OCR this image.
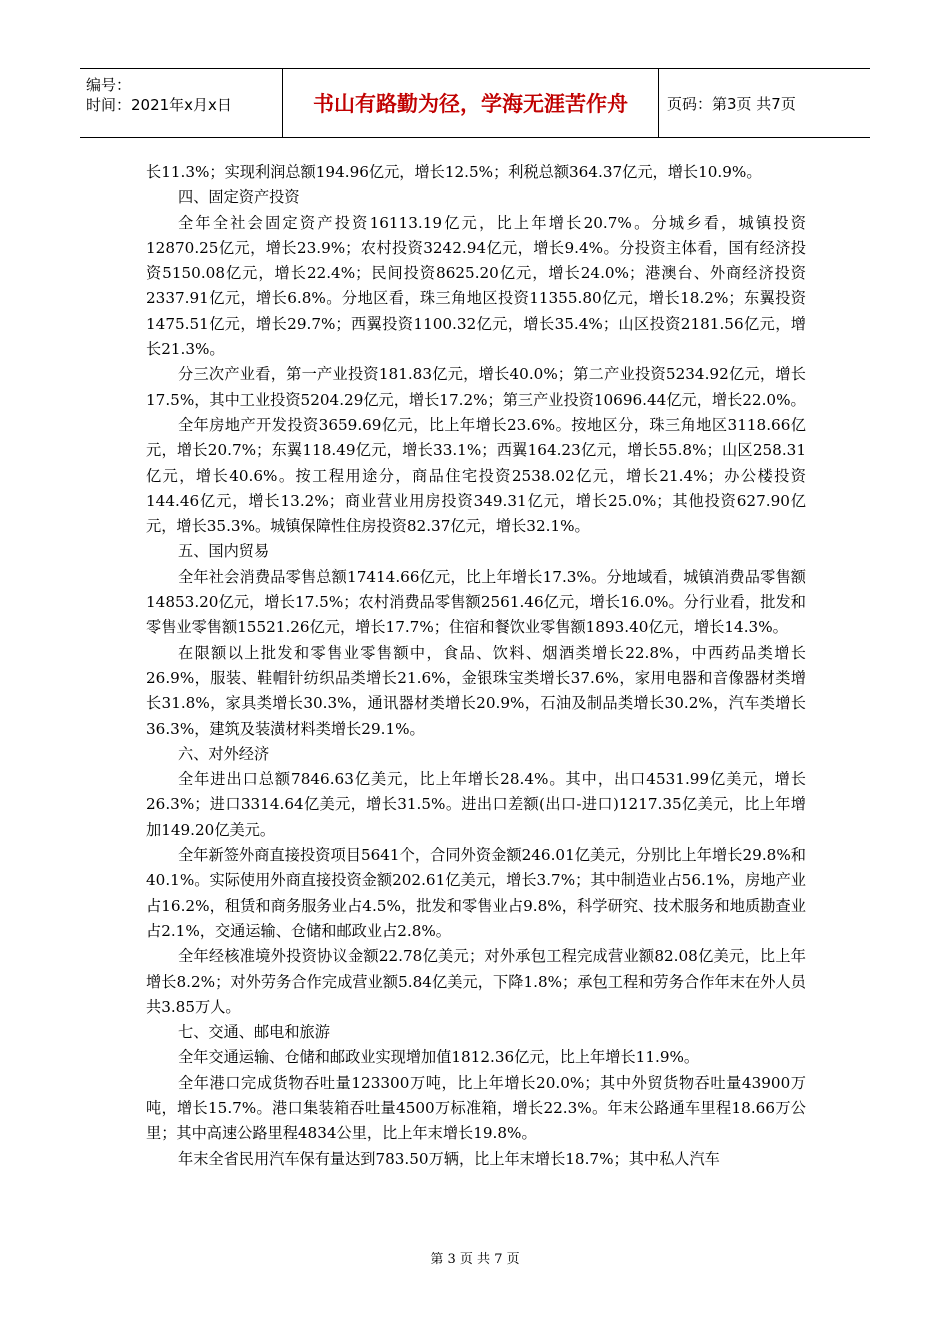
编号：
时间：2021年x月x日	书山有路勤为径，学海无涯苦作舟	页码：第3页 共7页

长11.3%；实现利润总额194.96亿元，增长12.5%；利税总额364.37亿元，增长10.9%。

四、固定资产投资

全年全社会固定资产投资16113.19亿元，比上年增长20.7%。分城乡看，城镇投资12870.25亿元，增长23.9%；农村投资3242.94亿元，增长9.4%。分投资主体看，国有经济投资5150.08亿元，增长22.4%；民间投资8625.20亿元，增长24.0%；港澳台、外商经济投资2337.91亿元，增长6.8%。分地区看，珠三角地区投资11355.80亿元，增长18.2%；东翼投资1475.51亿元，增长29.7%；西翼投资1100.32亿元，增长35.4%；山区投资2181.56亿元，增长21.3%。

分三次产业看，第一产业投资181.83亿元，增长40.0%；第二产业投资5234.92亿元，增长17.5%，其中工业投资5204.29亿元，增长17.2%；第三产业投资10696.44亿元，增长22.0%。

全年房地产开发投资3659.69亿元，比上年增长23.6%。按地区分，珠三角地区3118.66亿元，增长20.7%；东翼118.49亿元，增长33.1%；西翼164.23亿元，增长55.8%；山区258.31亿元，增长40.6%。按工程用途分，商品住宅投资2538.02亿元，增长21.4%；办公楼投资144.46亿元，增长13.2%；商业营业用房投资349.31亿元，增长25.0%；其他投资627.90亿元，增长35.3%。城镇保障性住房投资82.37亿元，增长32.1%。

五、国内贸易

全年社会消费品零售总额17414.66亿元，比上年增长17.3%。分地域看，城镇消费品零售额14853.20亿元，增长17.5%；农村消费品零售额2561.46亿元，增长16.0%。分行业看，批发和零售业零售额15521.26亿元，增长17.7%；住宿和餐饮业零售额1893.40亿元，增长14.3%。

在限额以上批发和零售业零售额中，食品、饮料、烟酒类增长22.8%，中西药品类增长26.9%，服装、鞋帽针纺织品类增长21.6%，金银珠宝类增长37.6%，家用电器和音像器材类增长31.8%，家具类增长30.3%，通讯器材类增长20.9%，石油及制品类增长30.2%，汽车类增长36.3%，建筑及装潢材料类增长29.1%。

六、对外经济

全年进出口总额7846.63亿美元，比上年增长28.4%。其中，出口4531.99亿美元，增长26.3%；进口3314.64亿美元，增长31.5%。进出口差额(出口-进口)1217.35亿美元，比上年增加149.20亿美元。

全年新签外商直接投资项目5641个，合同外资金额246.01亿美元，分别比上年增长29.8%和40.1%。实际使用外商直接投资金额202.61亿美元，增长3.7%；其中制造业占56.1%，房地产业占16.2%，租赁和商务服务业占4.5%，批发和零售业占9.8%，科学研究、技术服务和地质勘查业占2.1%，交通运输、仓储和邮政业占2.8%。

全年经核准境外投资协议金额22.78亿美元；对外承包工程完成营业额82.08亿美元，比上年增长8.2%；对外劳务合作完成营业额5.84亿美元，下降1.8%；承包工程和劳务合作年末在外人员共3.85万人。

七、交通、邮电和旅游

全年交通运输、仓储和邮政业实现增加值1812.36亿元，比上年增长11.9%。

全年港口完成货物吞吐量123300万吨，比上年增长20.0%；其中外贸货物吞吐量43900万吨，增长15.7%。港口集装箱吞吐量4500万标准箱，增长22.3%。年末公路通车里程18.66万公里；其中高速公路里程4834公里，比上年末增长19.8%。

年末全省民用汽车保有量达到783.50万辆，比上年末增长18.7%；其中私人汽车

第 3 页 共 7 页
